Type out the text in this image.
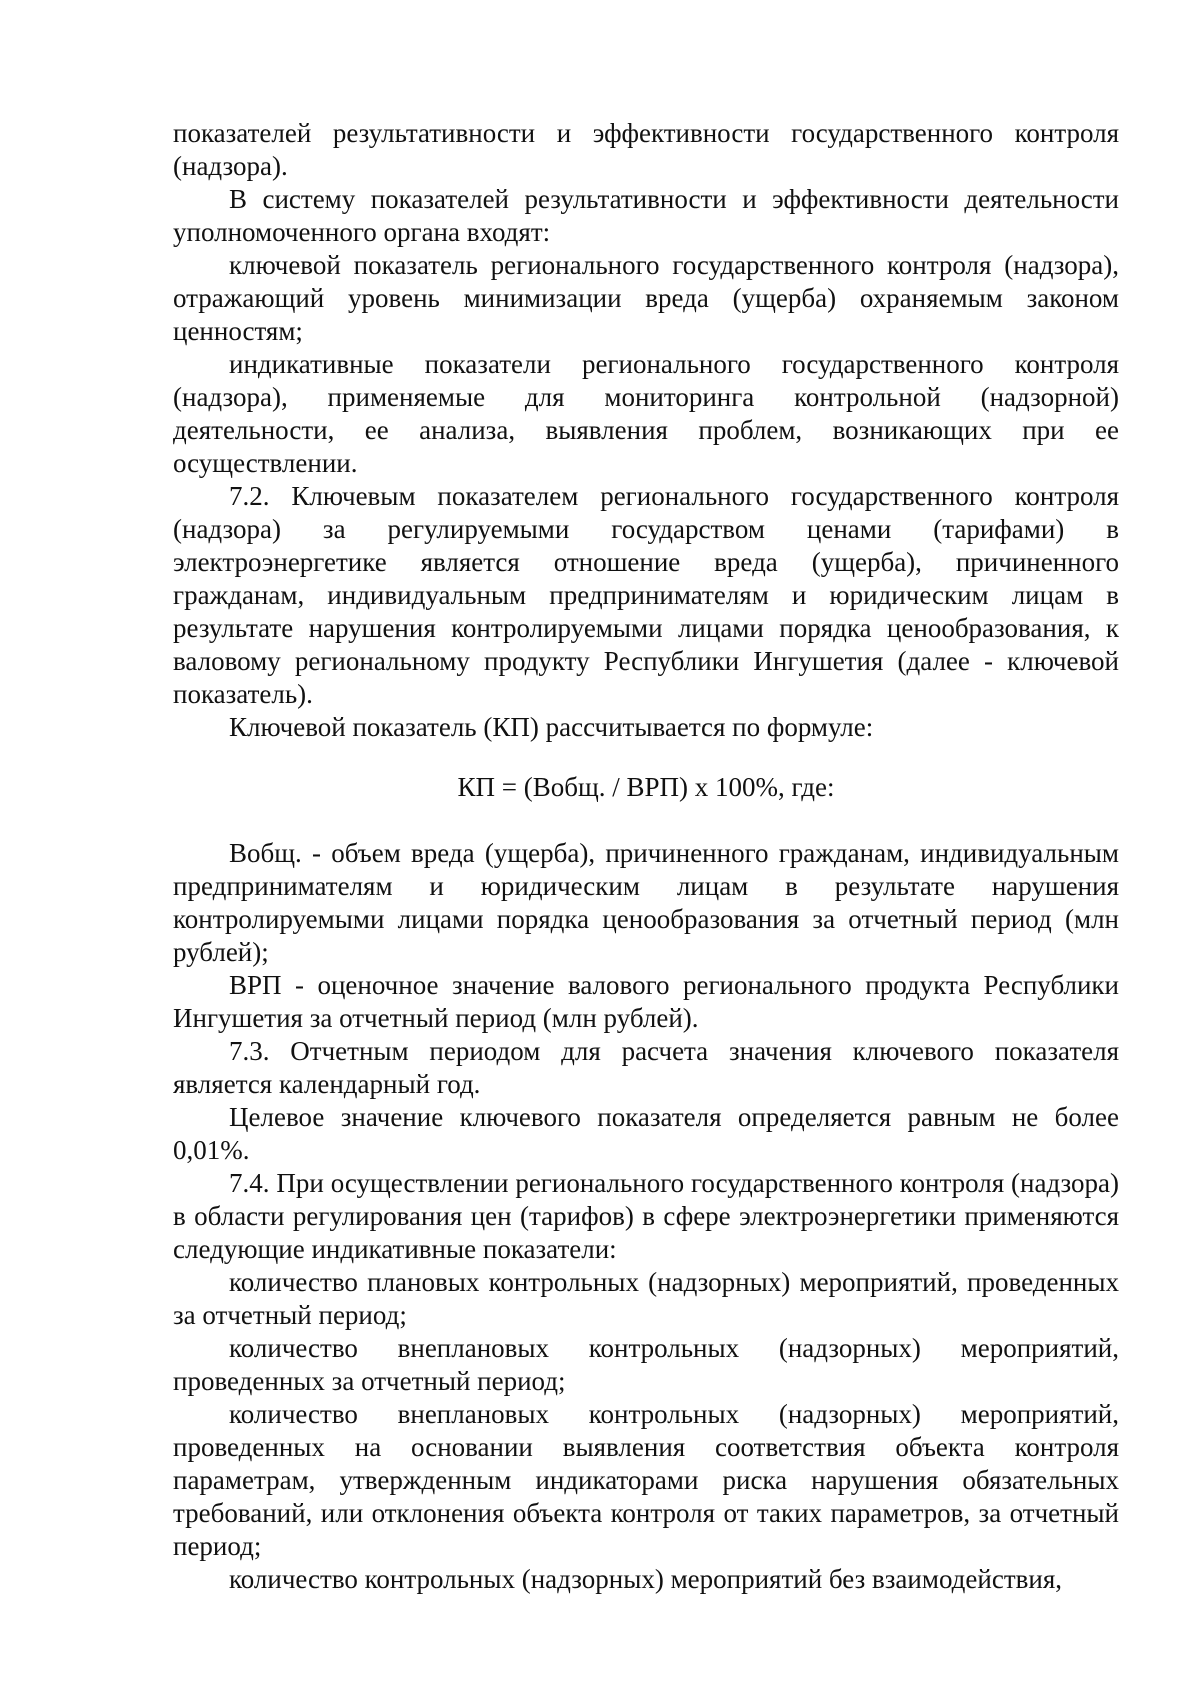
показателей результативности и эффективности государственного контроля (надзора).

В систему показателей результативности и эффективности деятельности уполномоченного органа входят:

ключевой показатель регионального государственного контроля (надзора), отражающий уровень минимизации вреда (ущерба) охраняемым законом ценностям;

индикативные показатели регионального государственного контроля (надзора), применяемые для мониторинга контрольной (надзорной) деятельности, ее анализа, выявления проблем, возникающих при ее осуществлении.

7.2. Ключевым показателем регионального государственного контроля (надзора) за регулируемыми государством ценами (тарифами) в электроэнергетике является отношение вреда (ущерба), причиненного гражданам, индивидуальным предпринимателям и юридическим лицам в результате нарушения контролируемыми лицами порядка ценообразования, к валовому региональному продукту Республики Ингушетия (далее - ключевой показатель).

Ключевой показатель (КП) рассчитывается по формуле:

КП = (Вобщ. / ВРП) х 100%, где:

Вобщ. - объем вреда (ущерба), причиненного гражданам, индивидуальным предпринимателям и юридическим лицам в результате нарушения контролируемыми лицами порядка ценообразования за отчетный период (млн рублей);

ВРП - оценочное значение валового регионального продукта Республики Ингушетия за отчетный период (млн рублей).

7.3. Отчетным периодом для расчета значения ключевого показателя является календарный год.

Целевое значение ключевого показателя определяется равным не более 0,01%.

7.4. При осуществлении регионального государственного контроля (надзора) в области регулирования цен (тарифов) в сфере электроэнергетики применяются следующие индикативные показатели:

количество плановых контрольных (надзорных) мероприятий, проведенных за отчетный период;

количество внеплановых контрольных (надзорных) мероприятий, проведенных за отчетный период;

количество внеплановых контрольных (надзорных) мероприятий, проведенных на основании выявления соответствия объекта контроля параметрам, утвержденным индикаторами риска нарушения обязательных требований, или отклонения объекта контроля от таких параметров, за отчетный период;

количество контрольных (надзорных) мероприятий без взаимодействия,
